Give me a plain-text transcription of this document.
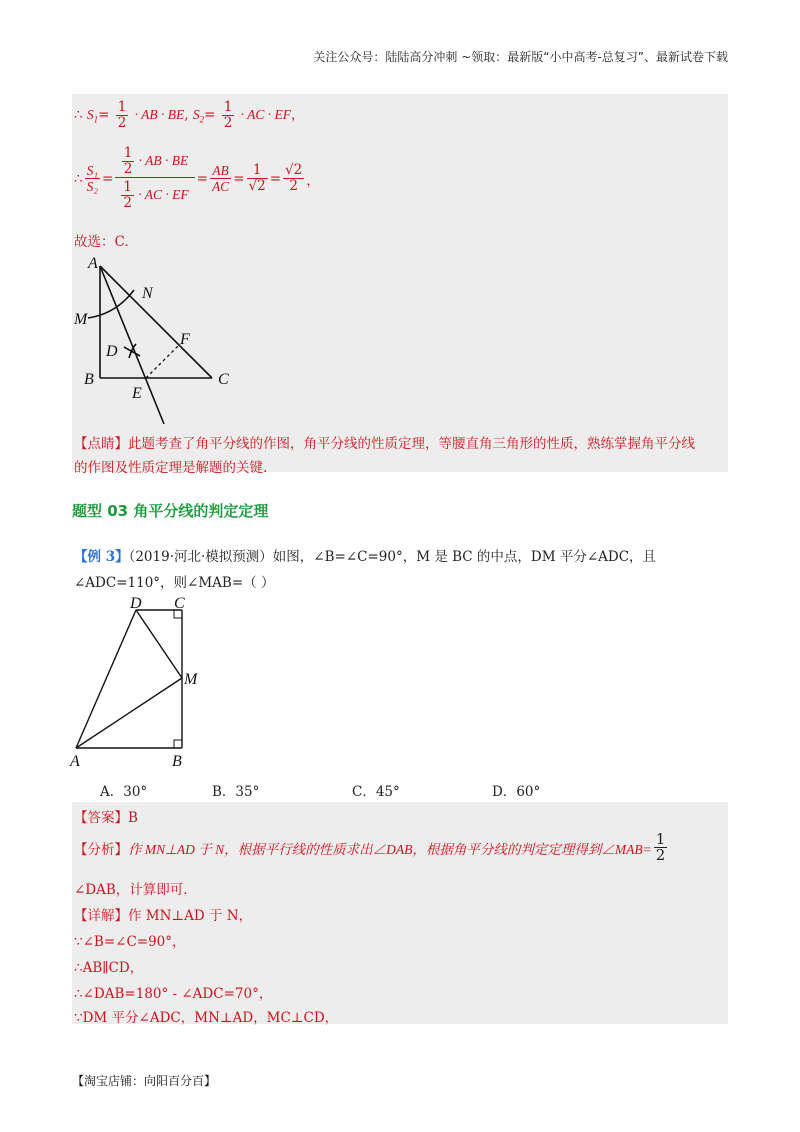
关注公众号：陆陆高分冲刺 ~领取：最新版“小中高考-总复习”、最新试卷下载
∴ $S_1= \frac{1}{2}$ · AB · BE, $S_2= \frac{1}{2}$ · AC · EF，
∴ $\frac{\text{S₁}}{\text{S₂}} = \frac{\frac{1}{2} \cdot AB \cdot BE}{\frac{1}{2} \cdot AC \cdot EF} = \frac{AB}{AC} = \frac{1}{√2} = \frac{√2}{2}$ ，
故选：C.
A
N
M
F
D
B
E
C
【点睛】此题考查了角平分线的作图，角平分线的性质定理，等腰直角三角形的性质，熟练掌握角平分线
的作图及性质定理是解题的关键.
题型 03 角平分线的判定定理
【例 3】（2019·河北·模拟预测）如图，∠B=∠C=90°，M 是 BC 的中点，DM 平分∠ADC，且
∠ADC=110°，则∠MAB=（ ）
D C
M
A	B
A．30°	B．35°	C．45°	D．60°
【答案】B
【分析】 作 MN⊥AD 于 N，根据平行线的性质求出∠DAB，根据角平分线的判定定理得到∠MAB= $\frac{1}{2}$
∠DAB，计算即可.
【详解】作 MN⊥AD 于 N，
∵∠B=∠C=90°，
∴AB∥CD，
∴∠DAB=180° - ∠ADC=70°，
∵DM 平分∠ADC，MN⊥AD，MC⊥CD，
【淘宝店铺：向阳百分百】
